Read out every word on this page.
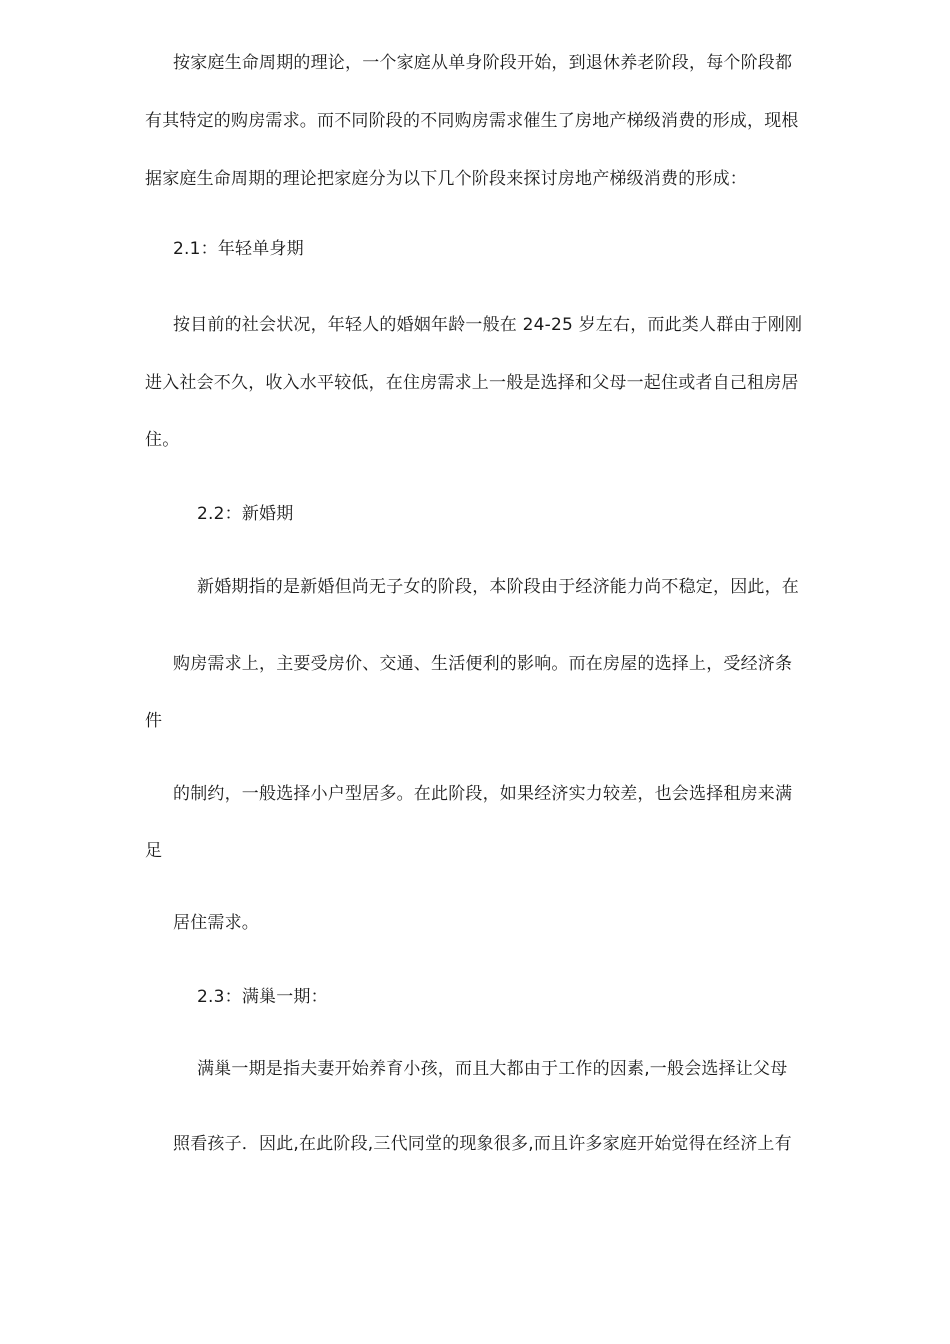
按家庭生命周期的理论，一个家庭从单身阶段开始，到退休养老阶段，每个阶段都
有其特定的购房需求。而不同阶段的不同购房需求催生了房地产梯级消费的形成，现根
据家庭生命周期的理论把家庭分为以下几个阶段来探讨房地产梯级消费的形成：
2.1：年轻单身期
按目前的社会状况，年轻人的婚姻年龄一般在 24-25 岁左右，而此类人群由于刚刚
进入社会不久，收入水平较低，在住房需求上一般是选择和父母一起住或者自己租房居
住。
2.2：新婚期
新婚期指的是新婚但尚无子女的阶段，本阶段由于经济能力尚不稳定，因此，在
购房需求上，主要受房价、交通、生活便利的影响。而在房屋的选择上，受经济条
件
的制约，一般选择小户型居多。在此阶段，如果经济实力较差，也会选择租房来满
足
居住需求。
2.3：满巢一期：
满巢一期是指夫妻开始养育小孩，而且大都由于工作的因素,一般会选择让父母
照看孩子．因此,在此阶段,三代同堂的现象很多,而且许多家庭开始觉得在经济上有
